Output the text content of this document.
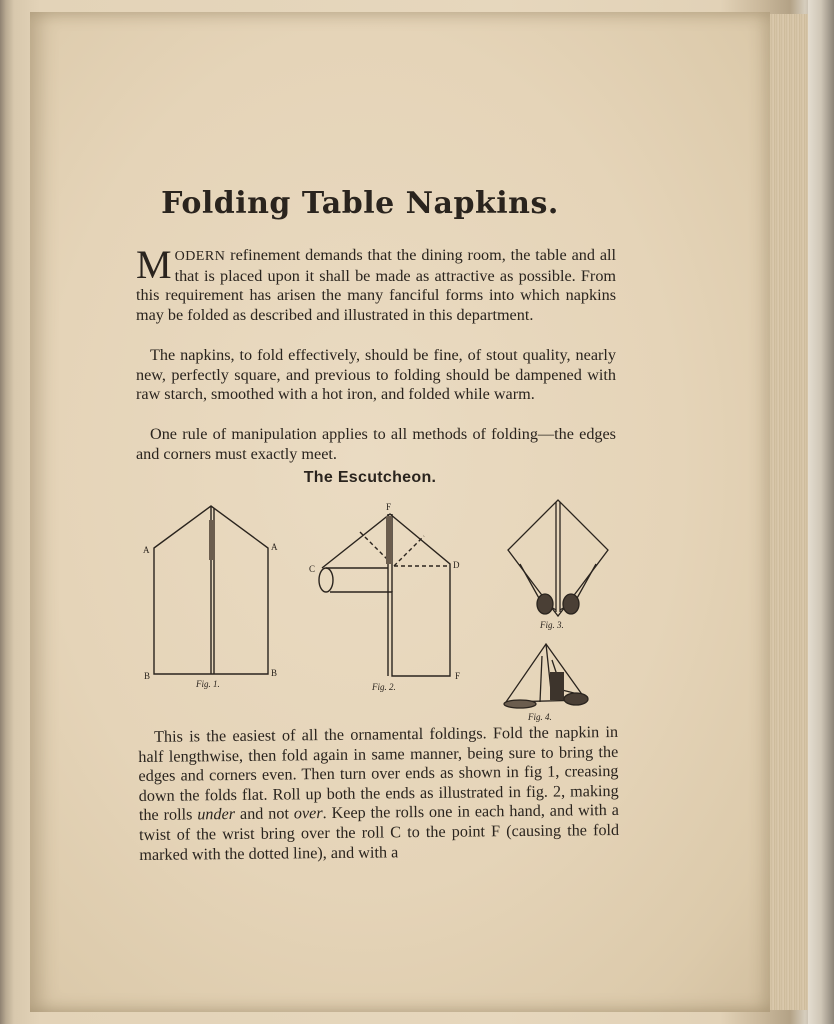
Folding Table Napkins.
MODERN refinement demands that the dining room, the table and all that is placed upon it shall be made as attractive as possible. From this requirement has arisen the many fanciful forms into which napkins may be folded as described and illustrated in this department.
The napkins, to fold effectively, should be fine, of stout quality, nearly new, perfectly square, and previous to folding should be dampened with raw starch, smoothed with a hot iron, and folded while warm.
One rule of manipulation applies to all methods of folding—the edges and corners must exactly meet.
The Escutcheon.
A	A
B	B
Fig. 1.
F
C	D
F
Fig. 2.
Fig. 3.
Fig. 4.
This is the easiest of all the ornamental foldings. Fold the napkin in half lengthwise, then fold again in same manner, being sure to bring the edges and corners even. Then turn over ends as shown in fig 1, creasing down the folds flat. Roll up both the ends as illustrated in fig. 2, making the rolls under and not over. Keep the rolls one in each hand, and with a twist of the wrist bring over the roll C to the point F (causing the fold marked with the dotted line), and with a
